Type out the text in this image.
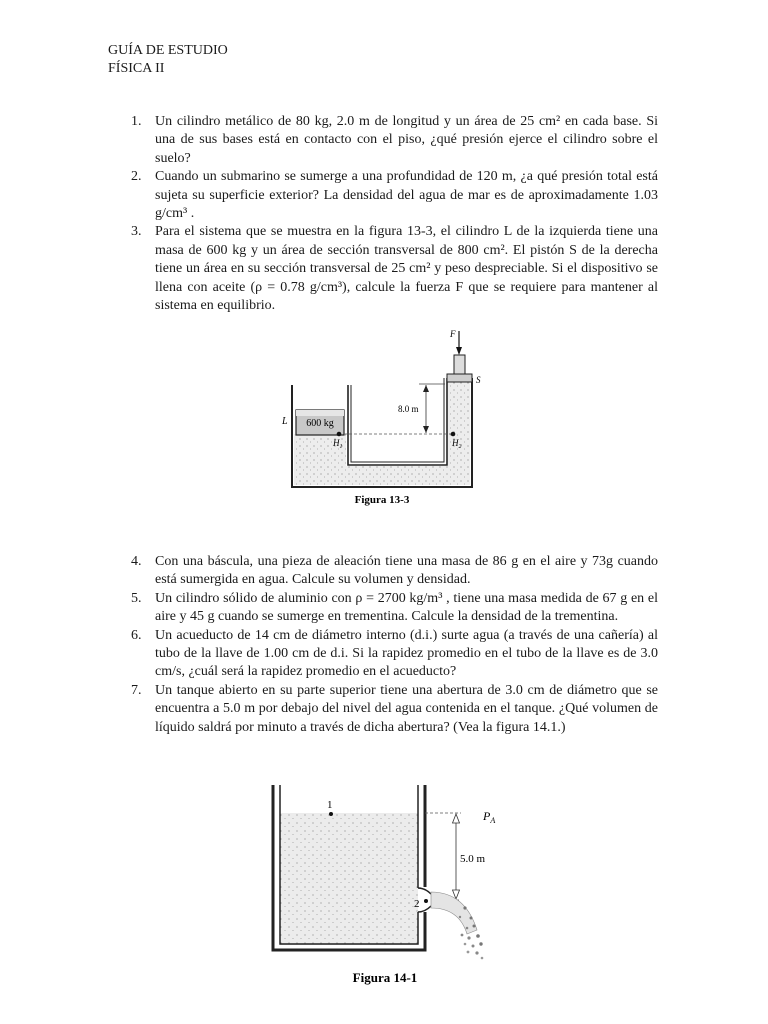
GUÍA DE ESTUDIO
FÍSICA II
1. Un cilindro metálico de 80 kg, 2.0 m de longitud y un área de 25 cm² en cada base. Si una de sus bases está en contacto con el piso, ¿qué presión ejerce el cilindro sobre el suelo?
2. Cuando un submarino se sumerge a una profundidad de 120 m, ¿a qué presión total está sujeta su superficie exterior? La densidad del agua de mar es de aproximadamente 1.03 g/cm³ .
3. Para el sistema que se muestra en la figura 13-3, el cilindro L de la izquierda tiene una masa de 600 kg y un área de sección transversal de 800 cm². El pistón S de la derecha tiene un área en su sección transversal de 25 cm² y peso despreciable. Si el dispositivo se llena con aceite (ρ = 0.78 g/cm³), calcule la fuerza F que se requiere para mantener al sistema en equilibrio.
600 kg
L
$H_1$	$H_2$
8.0 m
S
F
Figura 13-3
4. Con una báscula, una pieza de aleación tiene una masa de 86 g en el aire y 73g cuando está sumergida en agua. Calcule su volumen y densidad.
5. Un cilindro sólido de aluminio con ρ = 2700 kg/m³ , tiene una masa medida de 67 g en el aire y 45 g cuando se sumerge en trementina. Calcule la densidad de la trementina.
6. Un acueducto de 14 cm de diámetro interno (d.i.) surte agua (a través de una cañería) al tubo de la llave de 1.00 cm de d.i. Si la rapidez promedio en el tubo de la llave es de 3.0 cm/s, ¿cuál será la rapidez promedio en el acueducto?
7. Un tanque abierto en su parte superior tiene una abertura de 3.0 cm de diámetro que se encuentra a 5.0 m por debajo del nivel del agua contenida en el tanque. ¿Qué volumen de líquido saldrá por minuto a través de dicha abertura? (Vea la figura 14.1.)
5.0 m
$P_A$
1
2
Figura 14-1
